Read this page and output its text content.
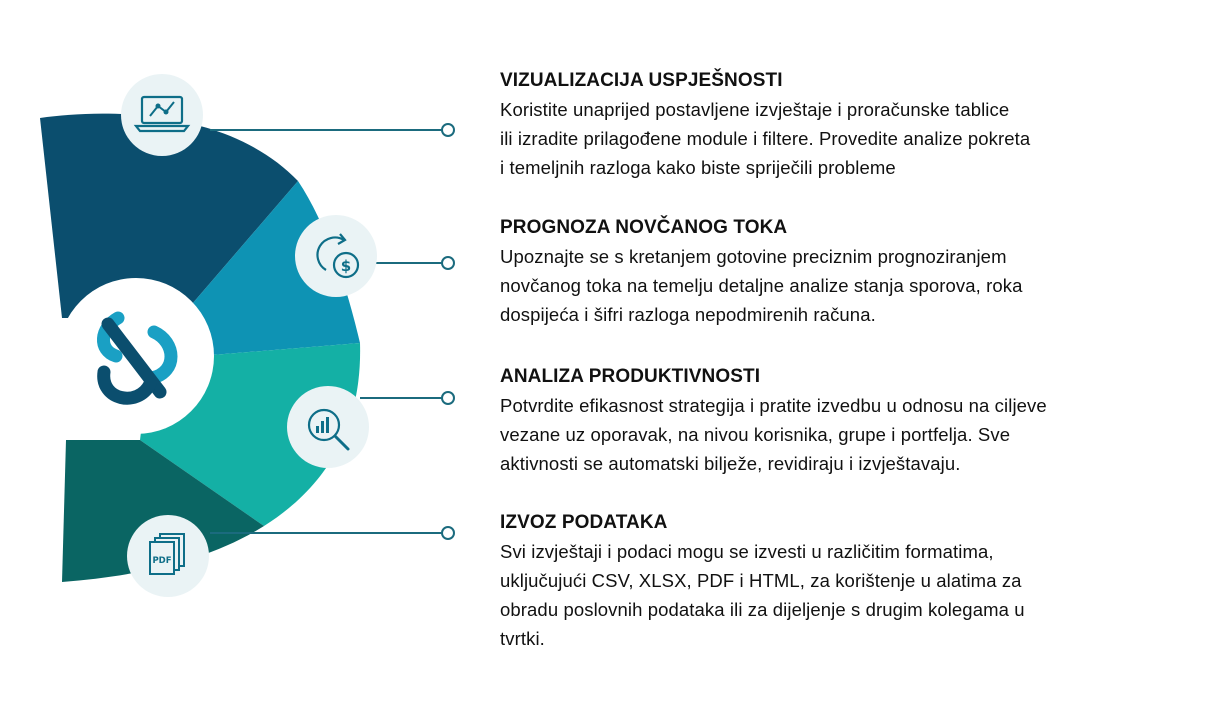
$
PDF
VIZUALIZACIJA USPJEŠNOSTI

Koristite unaprijed postavljene izvještaje i proračunske tablice

ili izradite prilagođene module i filtere. Provedite analize pokreta

i temeljnih razloga kako biste spriječili probleme

PROGNOZA NOVČANOG TOKA

Upoznajte se s kretanjem gotovine preciznim prognoziranjem

novčanog toka na temelju detaljne analize stanja sporova, roka

dospijeća i šifri razloga nepodmirenih računa.

ANALIZA PRODUKTIVNOSTI

Potvrdite efikasnost strategija i pratite izvedbu u odnosu na ciljeve

vezane uz oporavak, na nivou korisnika, grupe i portfelja. Sve

aktivnosti se automatski bilježe, revidiraju i izvještavaju.

IZVOZ PODATAKA

Svi izvještaji i podaci mogu se izvesti u različitim formatima,

uključujući CSV, XLSX, PDF i HTML, za korištenje u alatima za

obradu poslovnih podataka ili za dijeljenje s drugim kolegama u

tvrtki.
